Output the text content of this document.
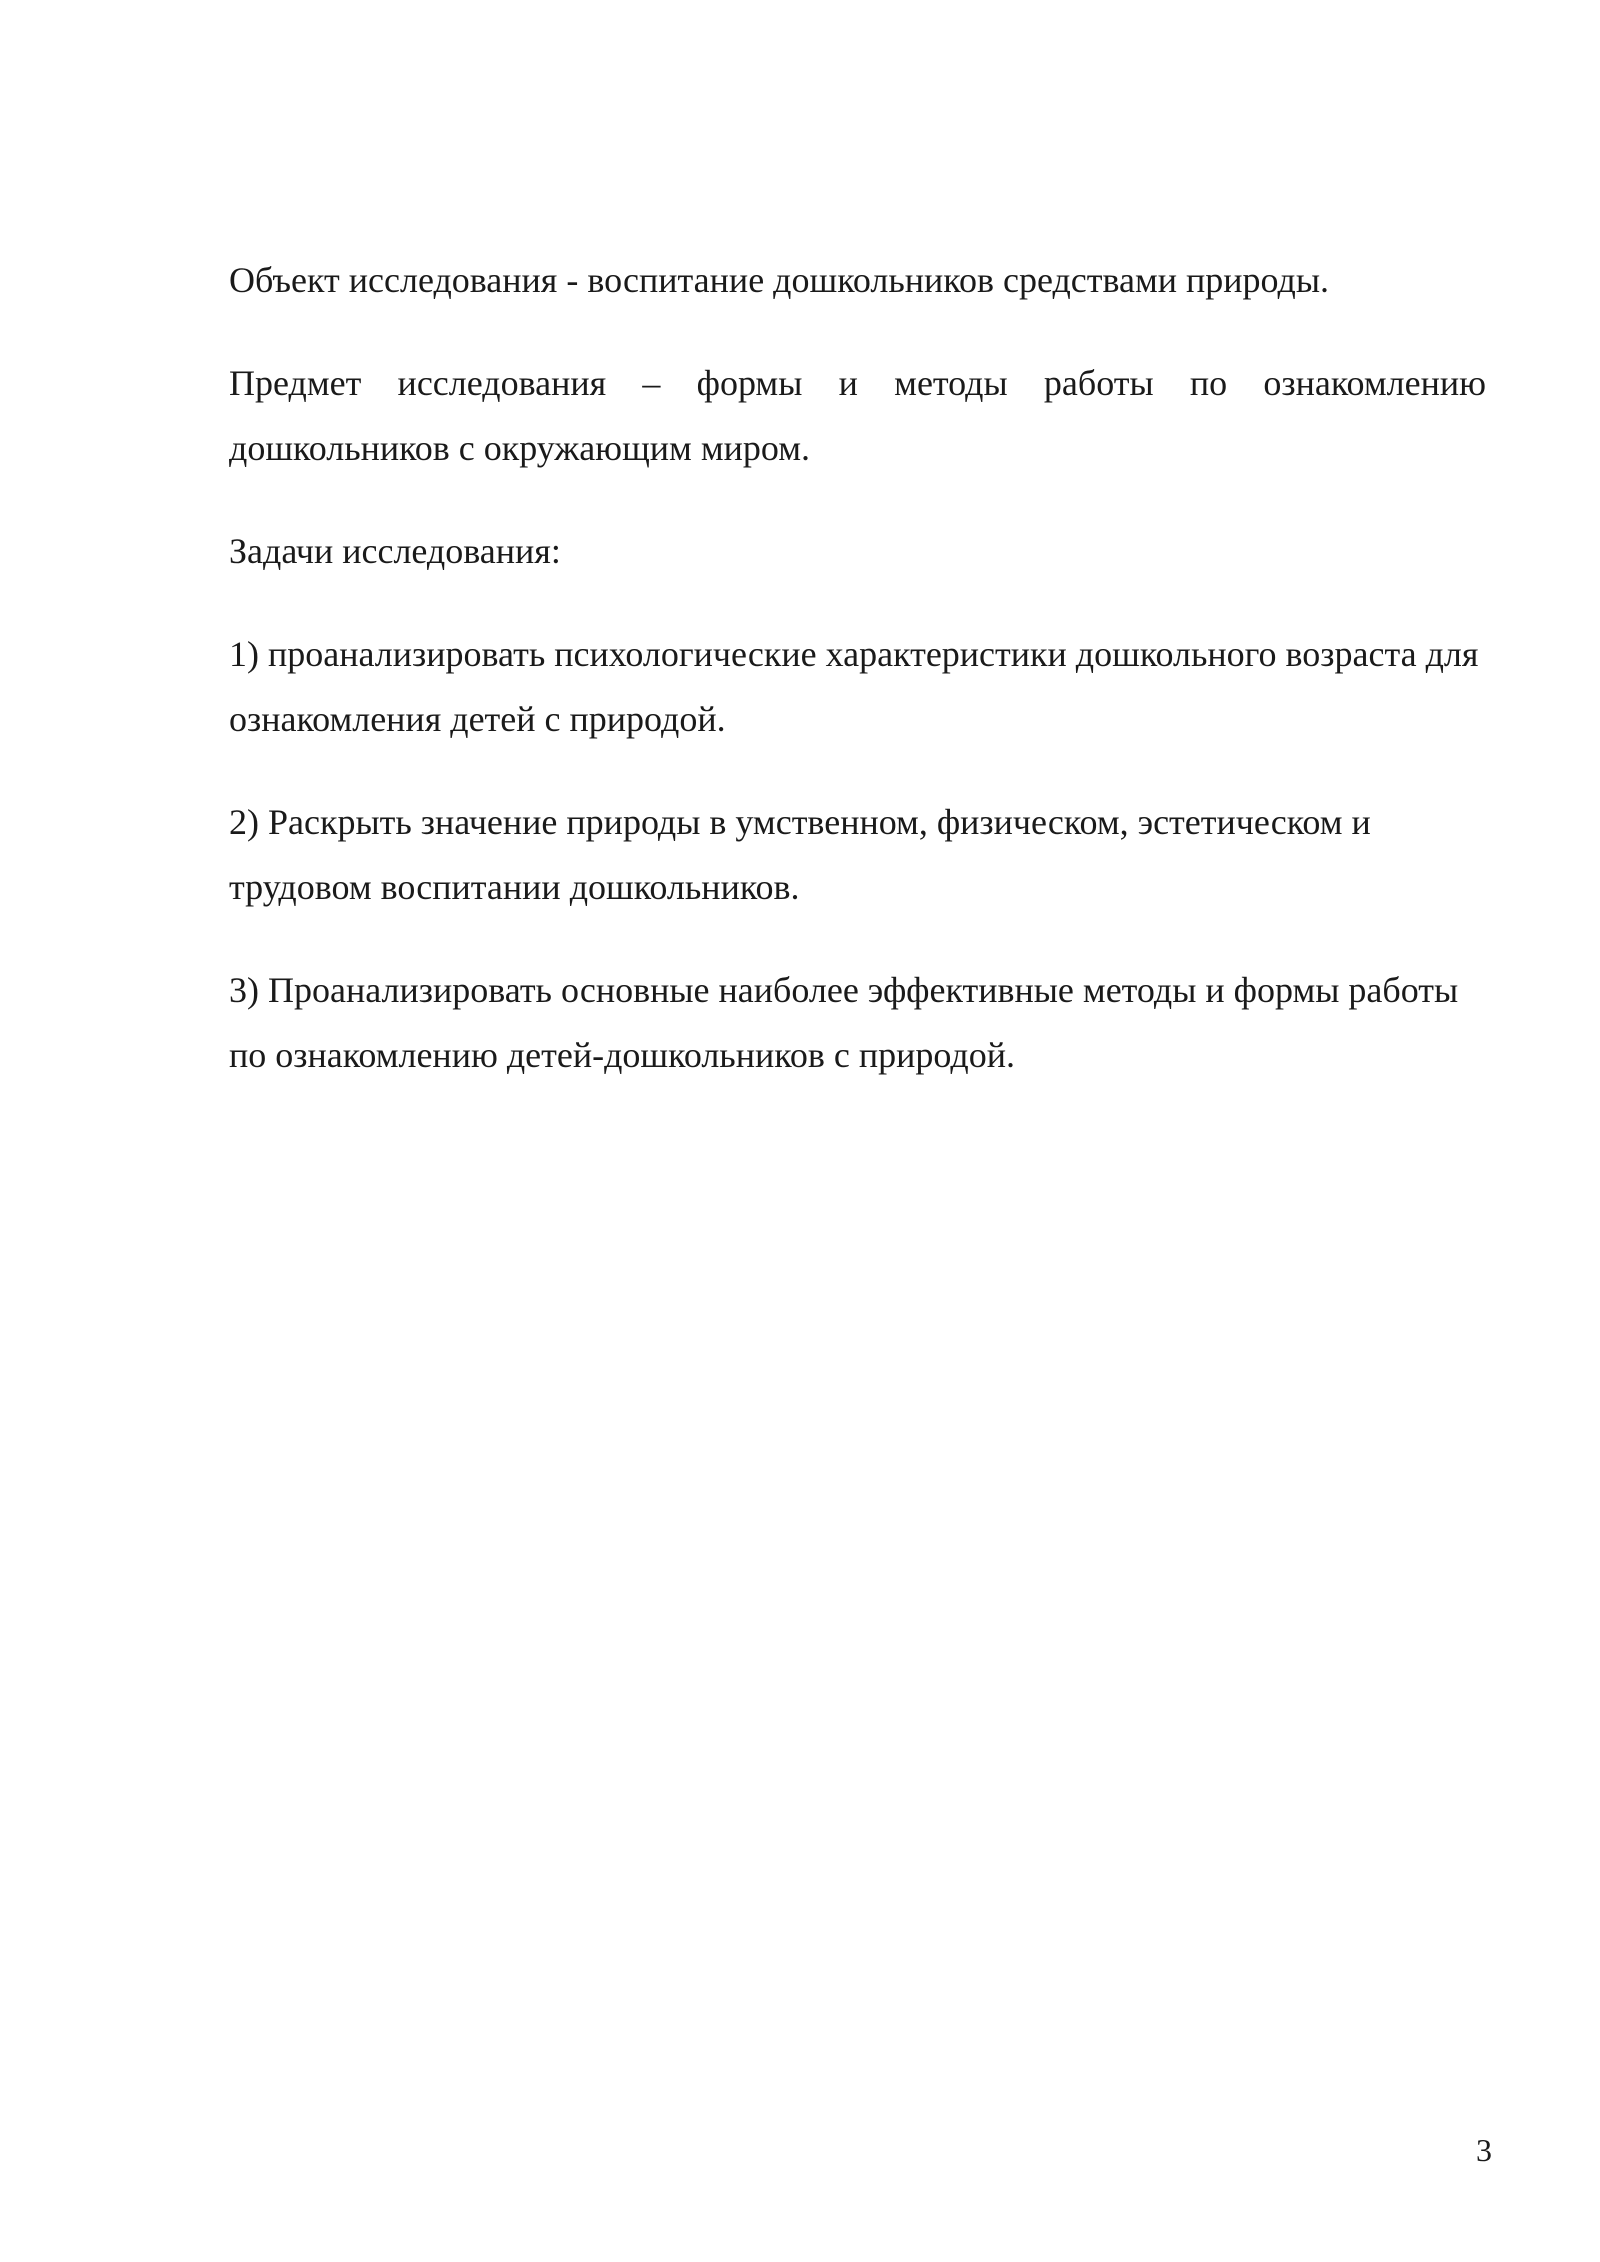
Объект исследования - воспитание дошкольников средствами природы.

Предмет исследования – формы и методы работы по ознакомлению дошкольников с окружающим миром.

Задачи исследования:

1) проанализировать психологические характеристики дошкольного возраста для ознакомления детей с природой.

2) Раскрыть значение природы в умственном, физическом, эстетическом и трудовом воспитании дошкольников.

3) Проанализировать основные наиболее эффективные методы и формы работы по ознакомлению детей-дошкольников с природой.

3
